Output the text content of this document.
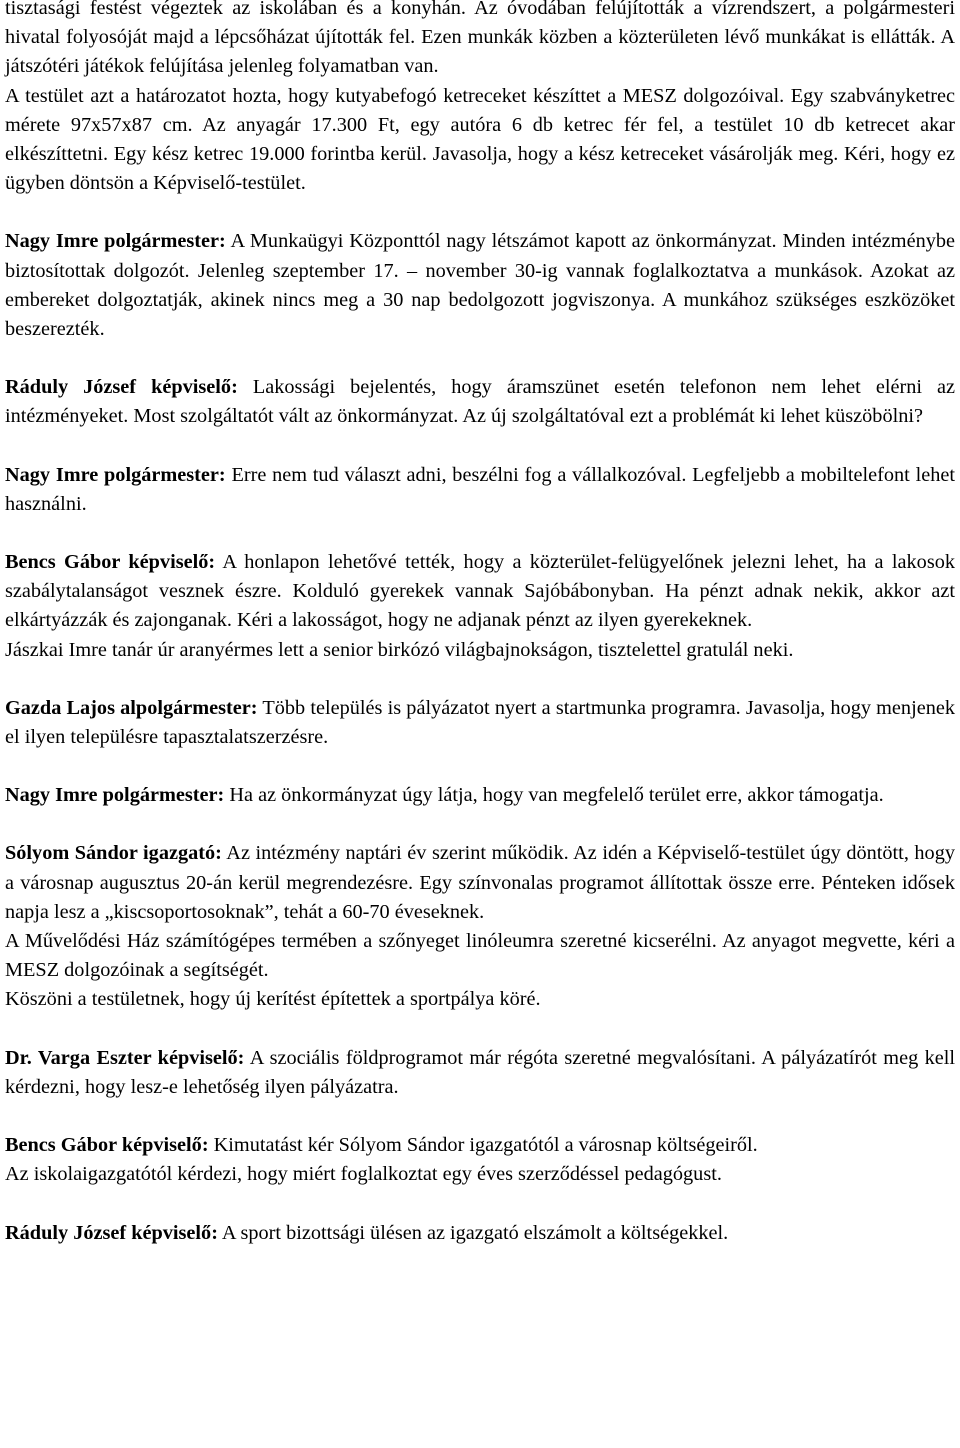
tisztasági festést végeztek az iskolában és a konyhán. Az óvodában felújították a vízrendszert, a polgármesteri hivatal folyosóját majd a lépcsőházat újították fel. Ezen munkák közben a közterületen lévő munkákat is ellátták. A játszótéri játékok felújítása jelenleg folyamatban van.

A testület azt a határozatot hozta, hogy kutyabefogó ketreceket készíttet a MESZ dolgozóival. Egy szabványketrec mérete 97x57x87 cm. Az anyagár 17.300 Ft, egy autóra 6 db ketrec fér fel, a testület 10 db ketrecet akar elkészíttetni. Egy kész ketrec 19.000 forintba kerül. Javasolja, hogy a kész ketreceket vásárolják meg. Kéri, hogy ez ügyben döntsön a Képviselő-testület.

Nagy Imre polgármester: A Munkaügyi Központtól nagy létszámot kapott az önkormányzat. Minden intézménybe biztosítottak dolgozót. Jelenleg szeptember 17. – november 30-ig vannak foglalkoztatva a munkások. Azokat az embereket dolgoztatják, akinek nincs meg a 30 nap bedolgozott jogviszonya. A munkához szükséges eszközöket beszerezték.

Ráduly József képviselő: Lakossági bejelentés, hogy áramszünet esetén telefonon nem lehet elérni az intézményeket. Most szolgáltatót vált az önkormányzat. Az új szolgáltatóval ezt a problémát ki lehet küszöbölni?

Nagy Imre polgármester: Erre nem tud választ adni, beszélni fog a vállalkozóval. Legfeljebb a mobiltelefont lehet használni.

Bencs Gábor képviselő: A honlapon lehetővé tették, hogy a közterület-felügyelőnek jelezni lehet, ha a lakosok szabálytalanságot vesznek észre. Kolduló gyerekek vannak Sajóbábonyban. Ha pénzt adnak nekik, akkor azt elkártyázzák és zajonganak. Kéri a lakosságot, hogy ne adjanak pénzt az ilyen gyerekeknek.

Jászkai Imre tanár úr aranyérmes lett a senior birkózó világbajnokságon, tisztelettel gratulál neki.

Gazda Lajos alpolgármester: Több település is pályázatot nyert a startmunka programra. Javasolja, hogy menjenek el ilyen településre tapasztalatszerzésre.

Nagy Imre polgármester: Ha az önkormányzat úgy látja, hogy van megfelelő terület erre, akkor támogatja.

Sólyom Sándor igazgató: Az intézmény naptári év szerint működik. Az idén a Képviselő-testület úgy döntött, hogy a városnap augusztus 20-án kerül megrendezésre. Egy színvonalas programot állítottak össze erre. Pénteken idősek napja lesz a „kiscsoportosoknak”, tehát a 60-70 éveseknek.

A Művelődési Ház számítógépes termében a szőnyeget linóleumra szeretné kicserélni. Az anyagot megvette, kéri a MESZ dolgozóinak a segítségét.

Köszöni a testületnek, hogy új kerítést építettek a sportpálya köré.

Dr. Varga Eszter képviselő: A szociális földprogramot már régóta szeretné megvalósítani. A pályázatírót meg kell kérdezni, hogy lesz-e lehetőség ilyen pályázatra.

Bencs Gábor képviselő: Kimutatást kér Sólyom Sándor igazgatótól a városnap költségeiről.

Az iskolaigazgatótól kérdezi, hogy miért foglalkoztat egy éves szerződéssel pedagógust.

Ráduly József képviselő: A sport bizottsági ülésen az igazgató elszámolt a költségekkel.
